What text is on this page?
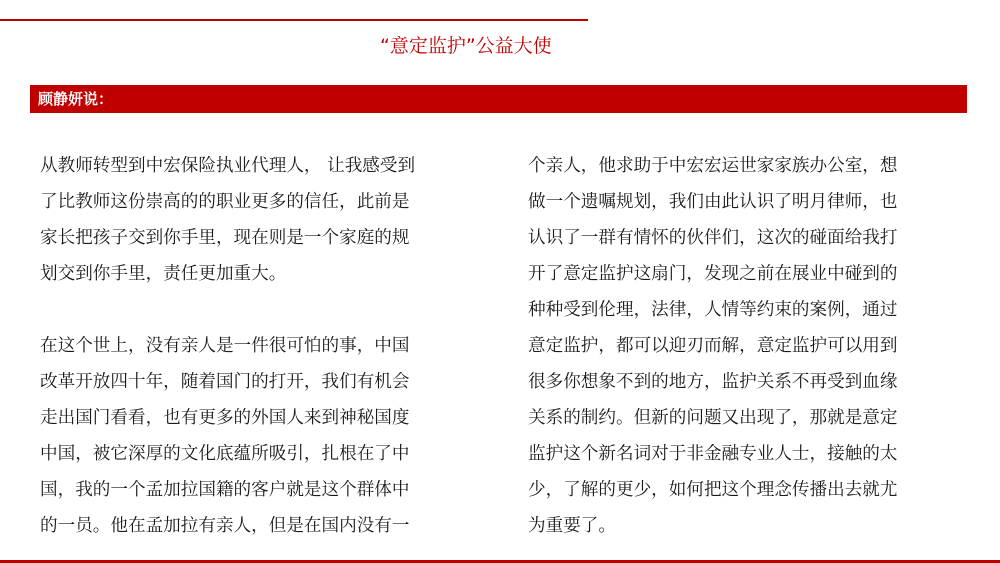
“意定监护”公益大使
顾静妍说：

从教师转型到中宏保险执业代理人， 让我感受到
了比教师这份崇高的的职业更多的信任，此前是
家长把孩子交到你手里，现在则是一个家庭的规
划交到你手里，责任更加重大。

在这个世上，没有亲人是一件很可怕的事，中国
改革开放四十年，随着国门的打开，我们有机会
走出国门看看，也有更多的外国人来到神秘国度
中国，被它深厚的文化底蕴所吸引，扎根在了中
国，我的一个孟加拉国籍的客户就是这个群体中
的一员。他在孟加拉有亲人，但是在国内没有一

个亲人，他求助于中宏宏运世家家族办公室，想
做一个遗嘱规划，我们由此认识了明月律师，也
认识了一群有情怀的伙伴们，这次的碰面给我打
开了意定监护这扇门，发现之前在展业中碰到的
种种受到伦理，法律，人情等约束的案例，通过
意定监护，都可以迎刃而解，意定监护可以用到
很多你想象不到的地方，监护关系不再受到血缘
关系的制约。但新的问题又出现了，那就是意定
监护这个新名词对于非金融专业人士，接触的太
少，了解的更少，如何把这个理念传播出去就尤
为重要了。
